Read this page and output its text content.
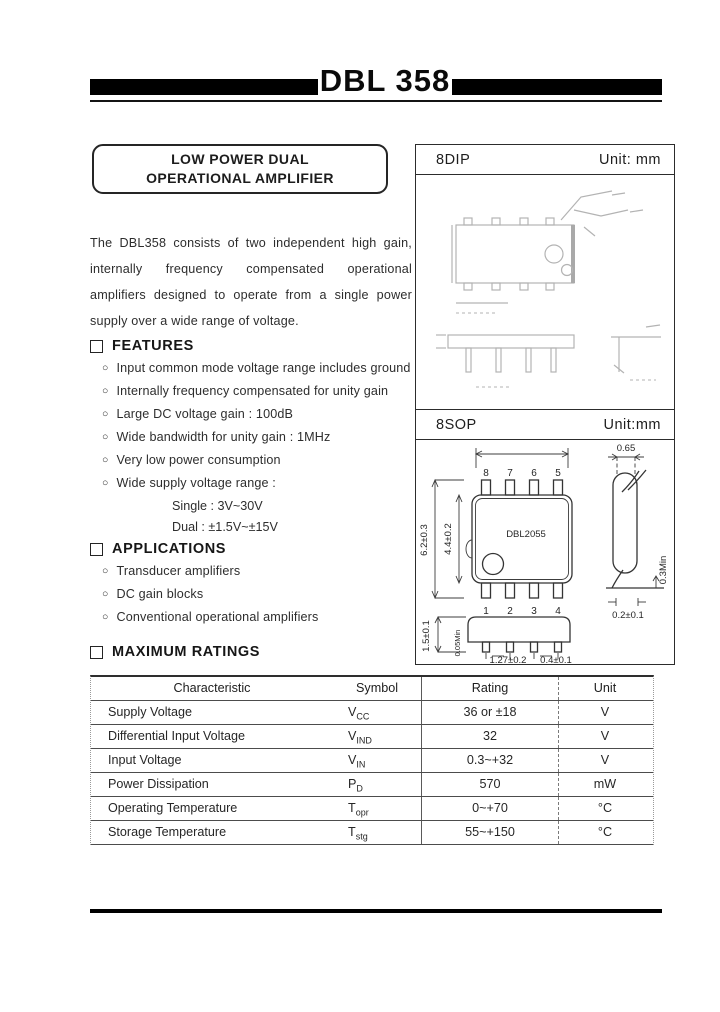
DBL 358
LOW POWER DUAL
OPERATIONAL AMPLIFIER

The DBL358 consists of two independent high gain, internally frequency compensated operational amplifiers designed to operate from a single power supply over a wide range of voltage.

FEATURES
○ Input common mode voltage range includes ground
○ Internally frequency compensated for unity gain
○ Large DC voltage gain : 100dB
○ Wide bandwidth for unity gain : 1MHz
○ Very low power consumption
○ Wide supply voltage range :
Single : 3V~30V
Dual : ±1.5V~±15V
APPLICATIONS
○ Transducer amplifiers
○ DC gain blocks
○ Conventional operational amplifiers
MAXIMUM RATINGS
Characteristic	Symbol	Rating	Unit
Supply Voltage	$V_{CC}$	36 or ±18	V
Differential Input Voltage	$V_{IND}$	32	V
Input Voltage	$V_{IN}$	0.3~+32	V
Power Dissipation	$P_D$	570	mW
Operating Temperature	$T_{opr}$	0~+70	°C
Storage Temperature	$T_{stg}$	55~+150	°C
8DIP	Unit: mm
8SOP	Unit:mm
8 7 6 5
DBL2055
1 2 3 4
6.2±0.3 4.4±0.2
0.65
0.3Min
0.2±0.1
1.5±0.1	0.05Min
1.27±0.2 0.4±0.1
